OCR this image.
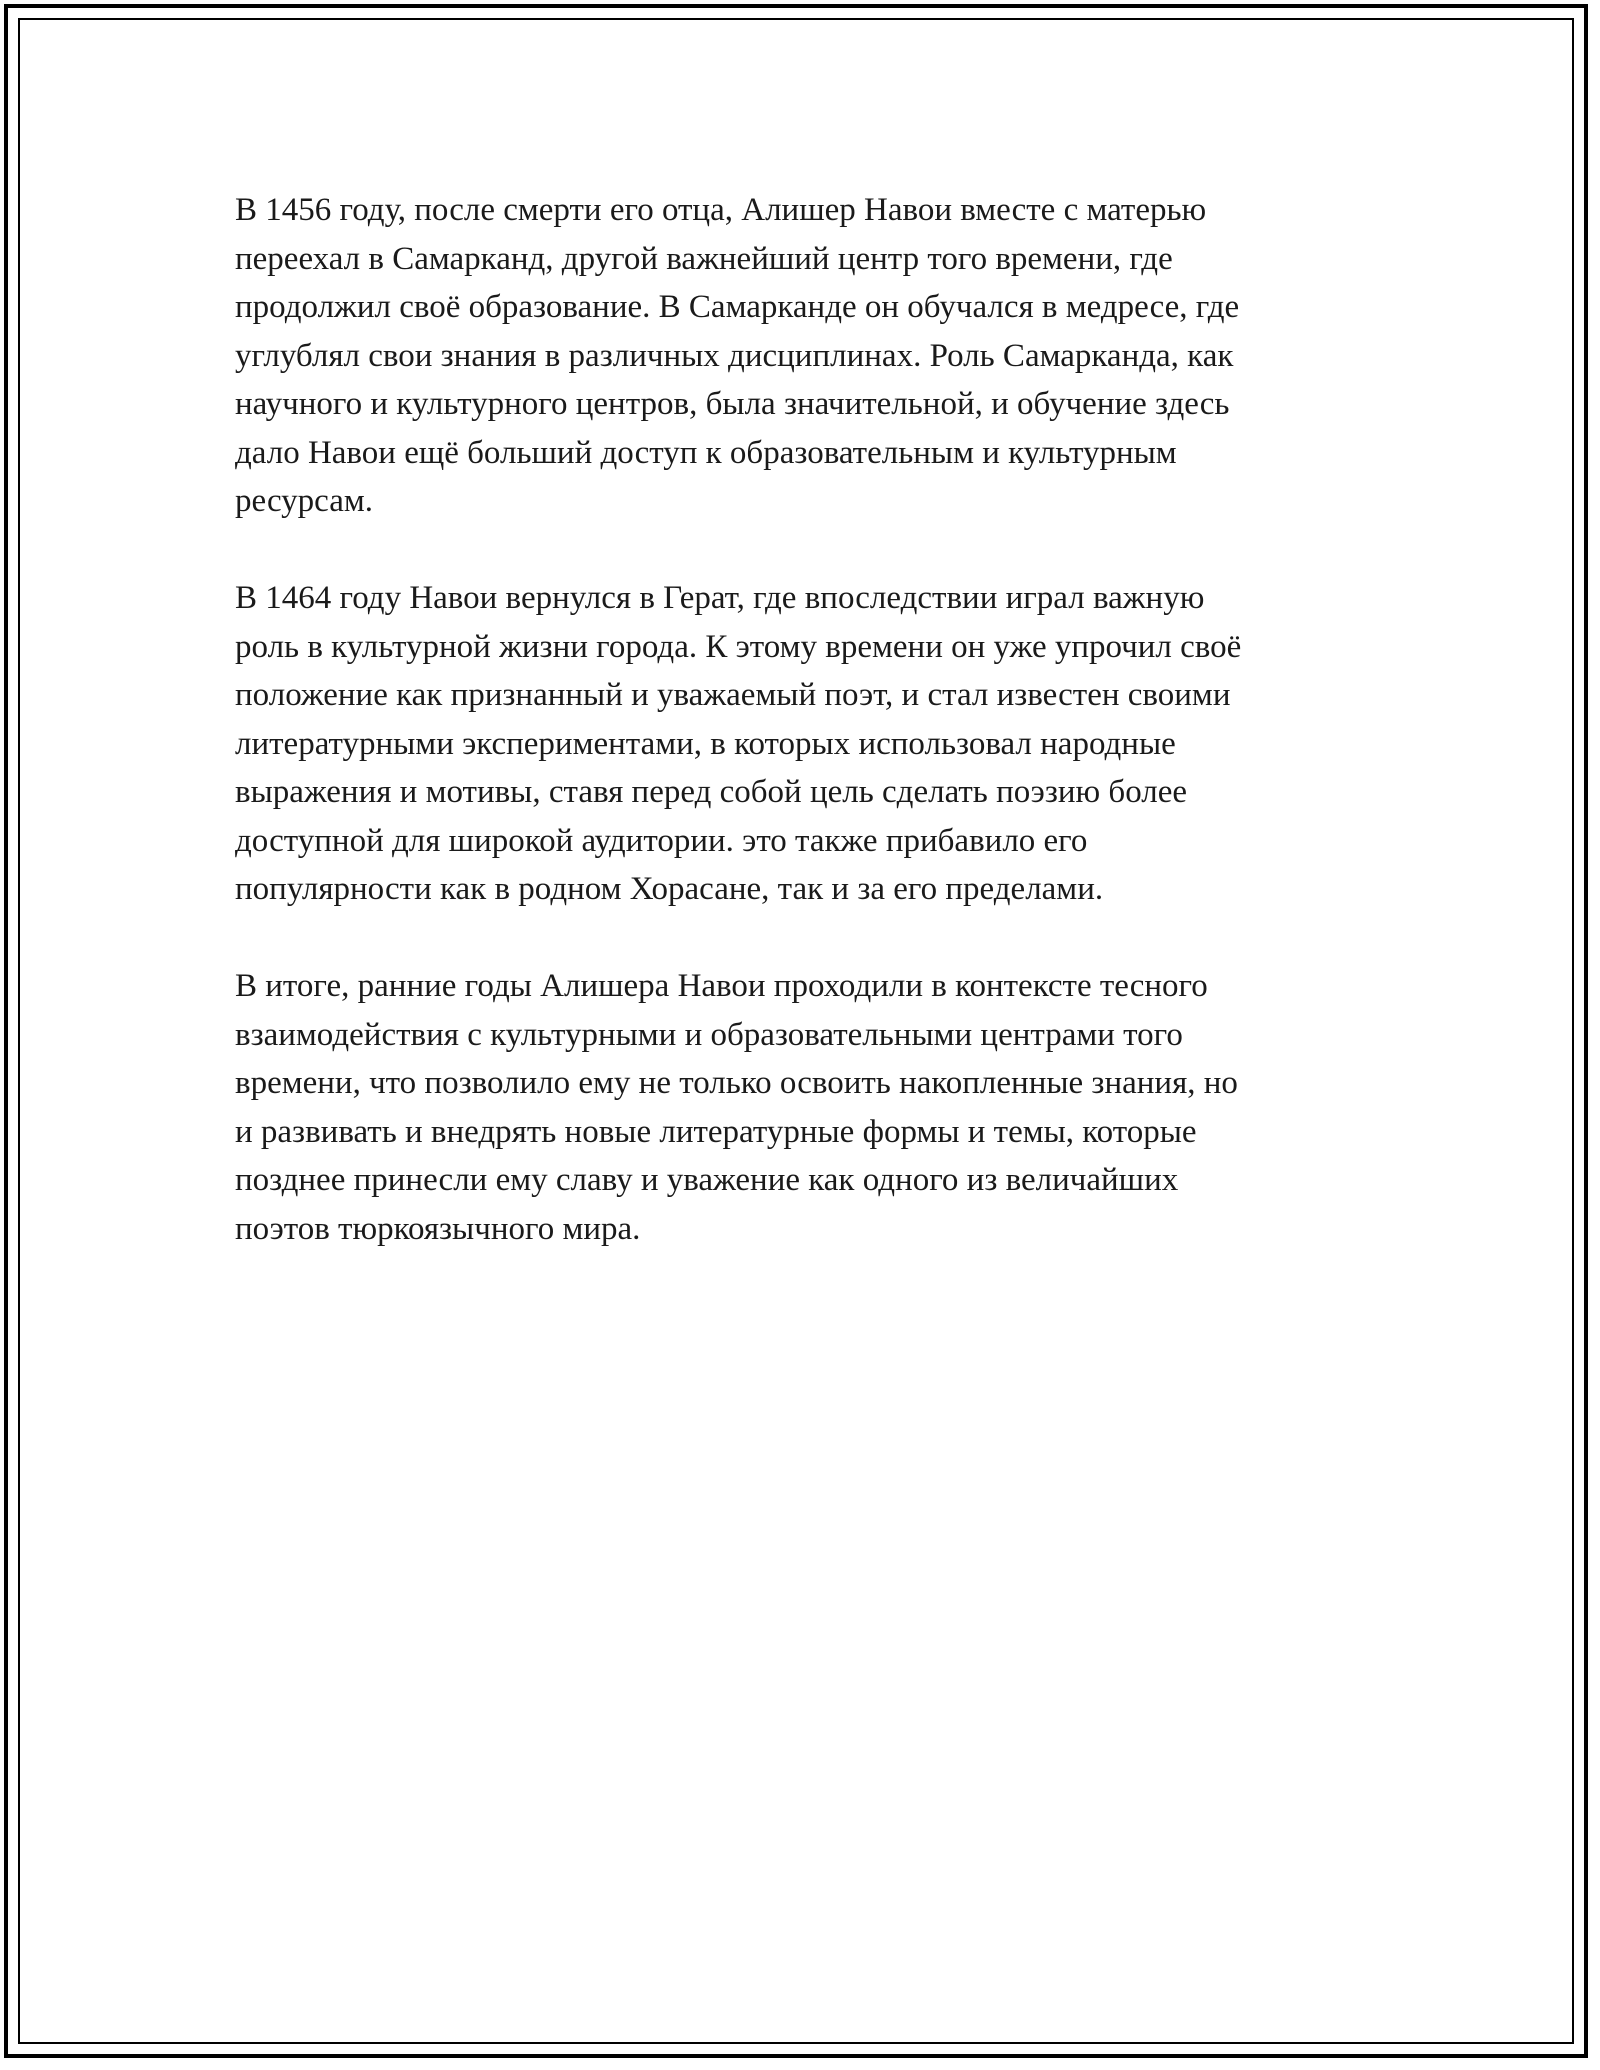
В 1456 году, после смерти его отца, Алишер Навои вместе с матерью
переехал в Самарканд, другой важнейший центр того времени, где
продолжил своё образование. В Самарканде он обучался в медресе, где
углублял свои знания в различных дисциплинах. Роль Самарканда, как
научного и культурного центров, была значительной, и обучение здесь
дало Навои ещё больший доступ к образовательным и культурным
ресурсам.

В 1464 году Навои вернулся в Герат, где впоследствии играл важную
роль в культурной жизни города. К этому времени он уже упрочил своё
положение как признанный и уважаемый поэт, и стал известен своими
литературными экспериментами, в которых использовал народные
выражения и мотивы, ставя перед собой цель сделать поэзию более
доступной для широкой аудитории. это также прибавило его
популярности как в родном Хорасане, так и за его пределами.

В итоге, ранние годы Алишера Навои проходили в контексте тесного
взаимодействия с культурными и образовательными центрами того
времени, что позволило ему не только освоить накопленные знания, но
и развивать и внедрять новые литературные формы и темы, которые
позднее принесли ему славу и уважение как одного из величайших
поэтов тюркоязычного мира.
